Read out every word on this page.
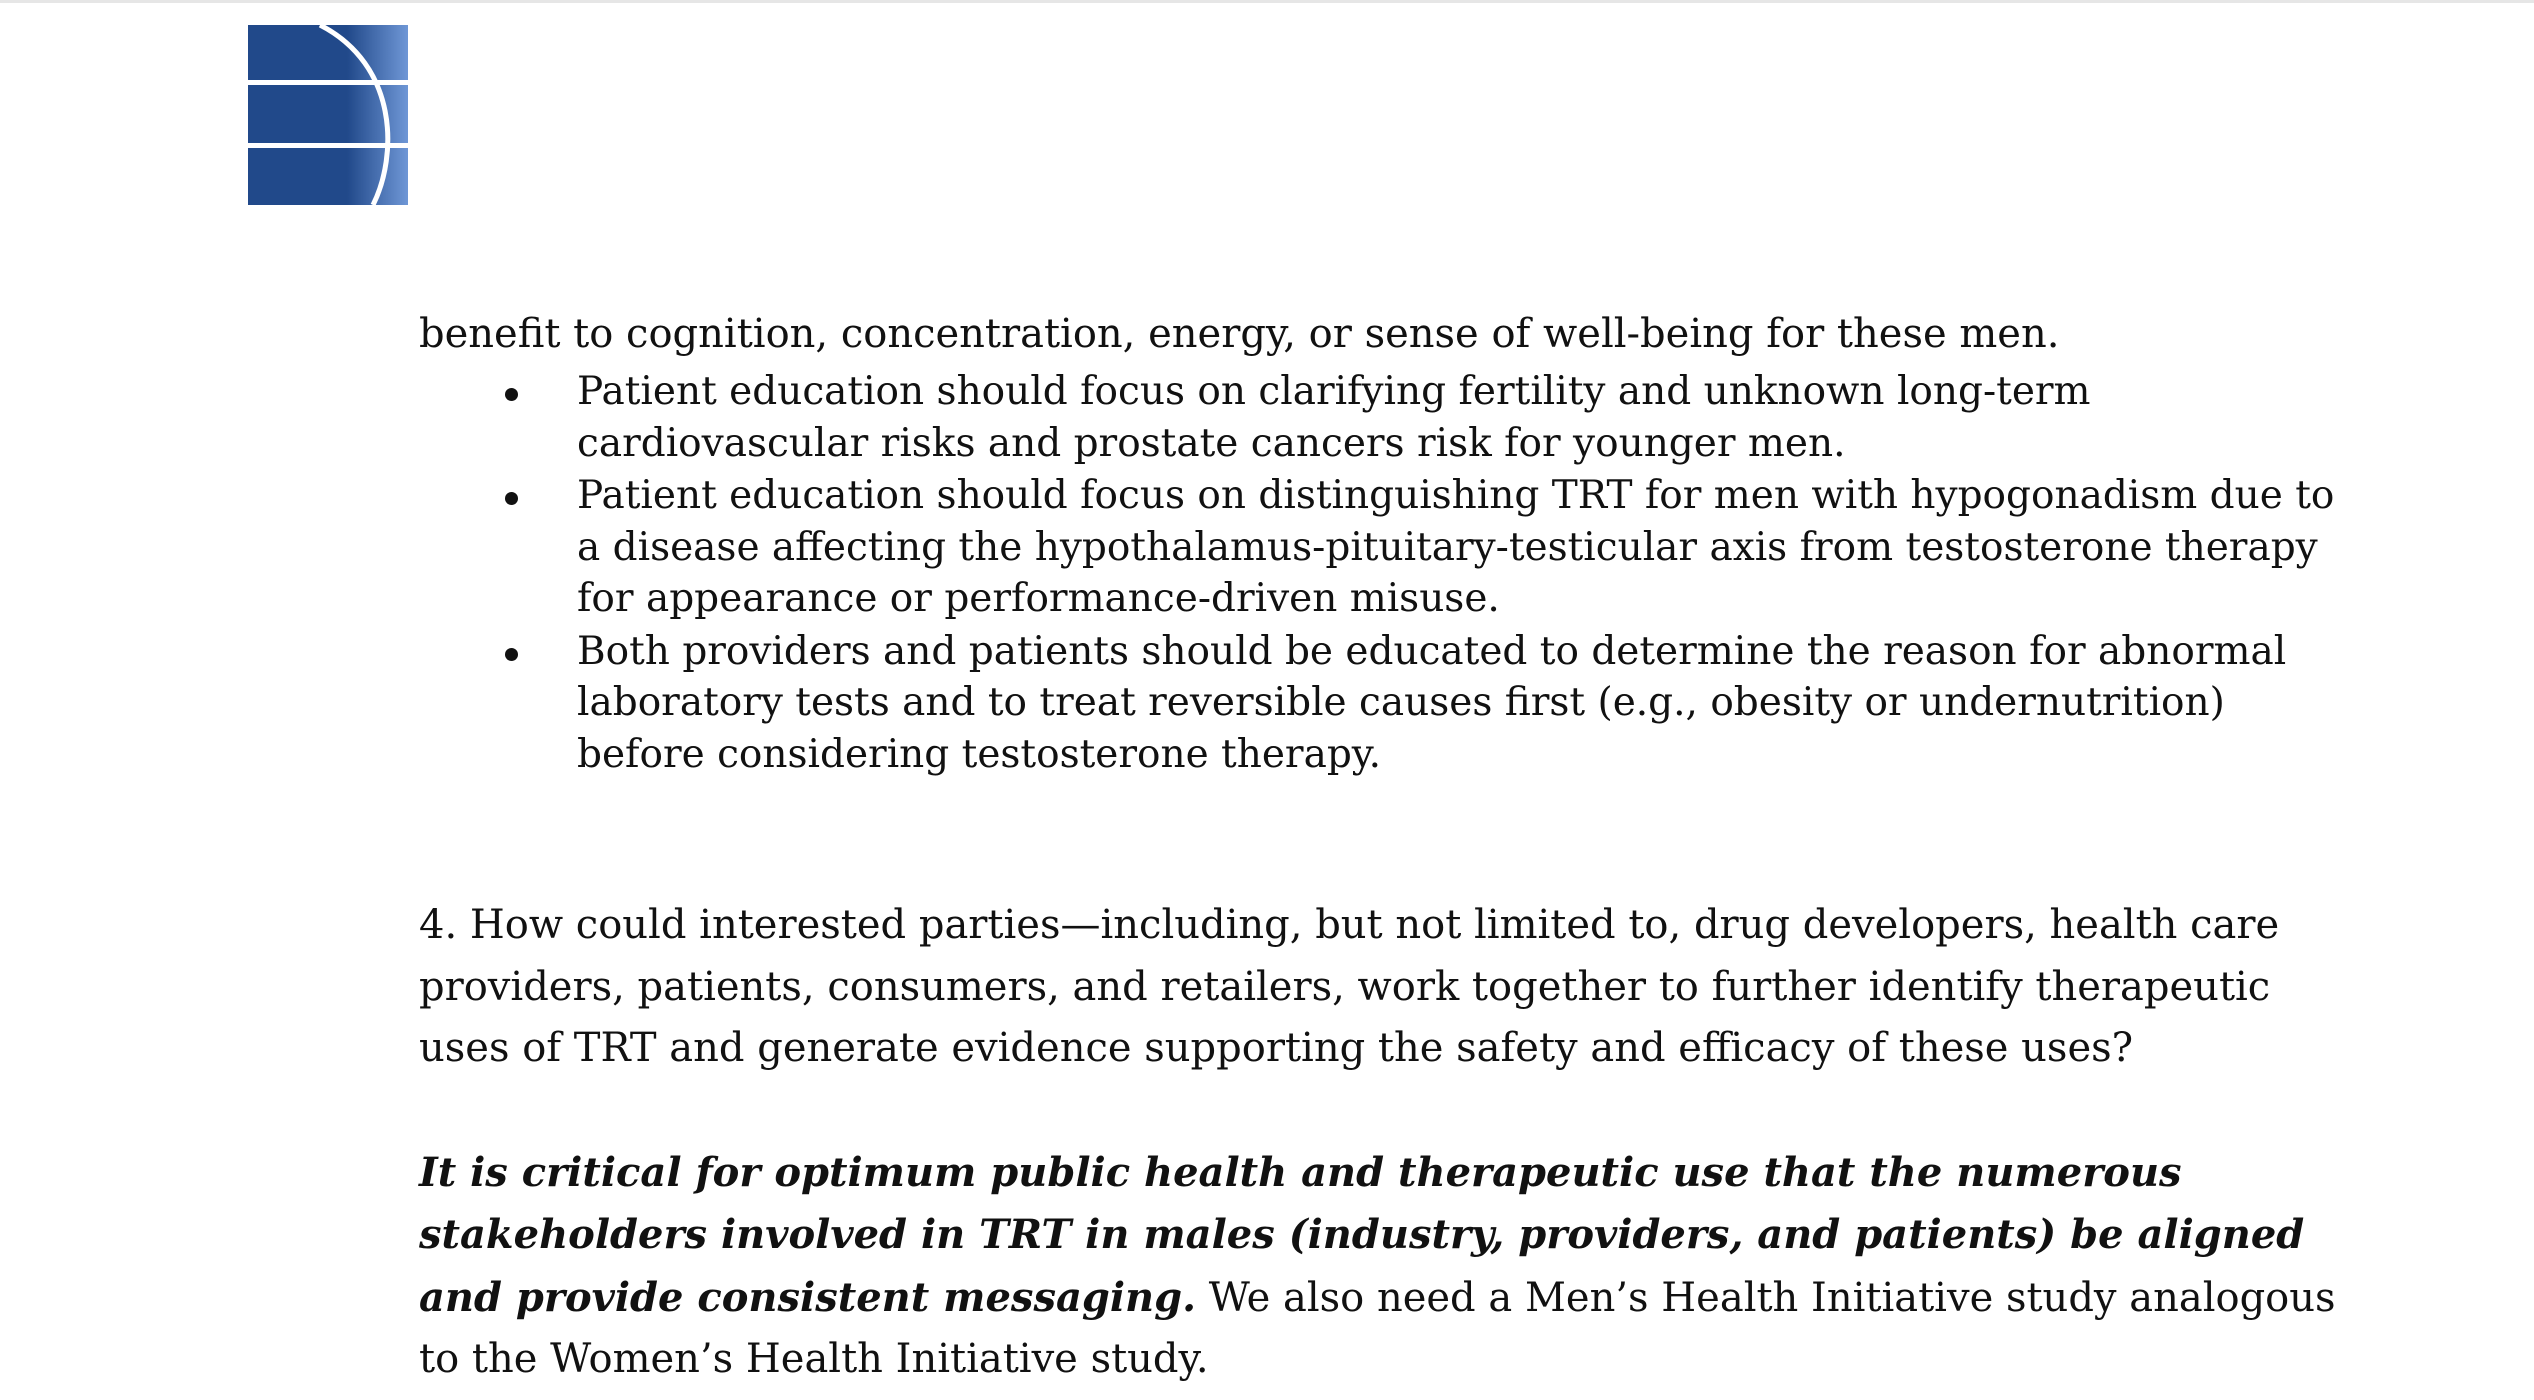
benefit to cognition, concentration, energy, or sense of well-being for these men.

Patient education should focus on clarifying fertility and unknown long-term cardiovascular risks and prostate cancers risk for younger men.
Patient education should focus on distinguishing TRT for men with hypogonadism due to a disease affecting the hypothalamus-pituitary-testicular axis from testosterone therapy for appearance or performance-driven misuse.
Both providers and patients should be educated to determine the reason for abnormal laboratory tests and to treat reversible causes first (e.g., obesity or undernutrition) before considering testosterone therapy.

4. How could interested parties—including, but not limited to, drug developers, health care providers, patients, consumers, and retailers, work together to further identify therapeutic uses of TRT and generate evidence supporting the safety and efficacy of these uses?

It is critical for optimum public health and therapeutic use that the numerous stakeholders involved in TRT in males (industry, providers, and patients) be aligned and provide consistent messaging. We also need a Men’s Health Initiative study analogous to the Women’s Health Initiative study.
